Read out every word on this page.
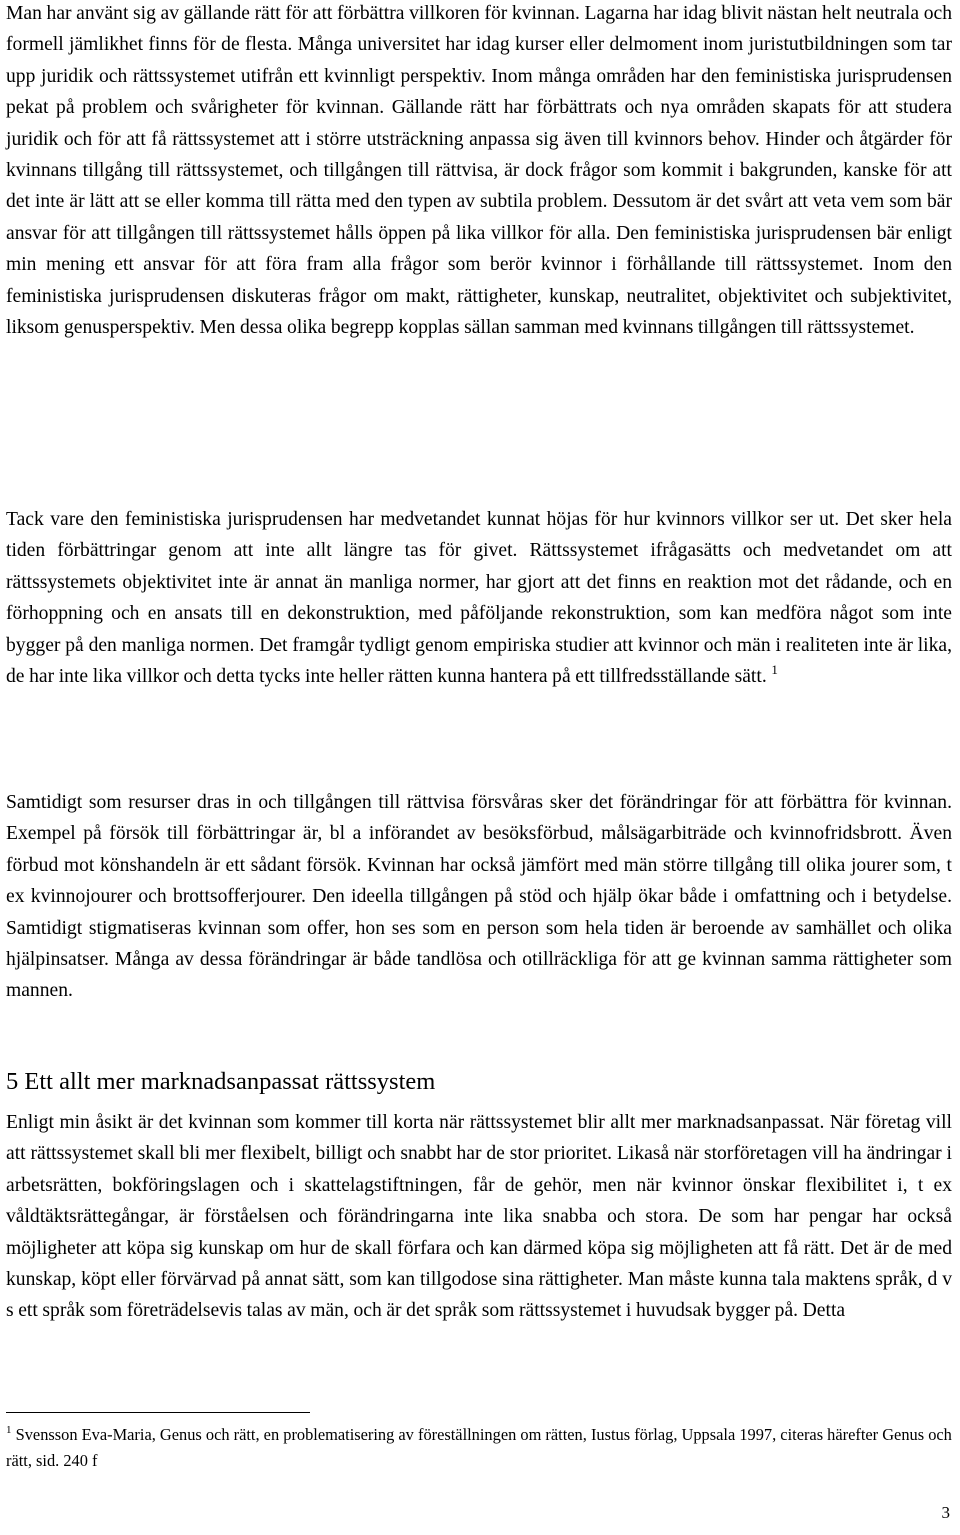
Man har använt sig av gällande rätt för att förbättra villkoren för kvinnan. Lagarna har idag blivit nästan helt neutrala och formell jämlikhet finns för de flesta. Många universitet har idag kurser eller delmoment inom juristutbildningen som tar upp juridik och rättssystemet utifrån ett kvinnligt perspektiv. Inom många områden har den feministiska jurisprudensen pekat på problem och svårigheter för kvinnan. Gällande rätt har förbättrats och nya områden skapats för att studera juridik och för att få rättssystemet att i större utsträckning anpassa sig även till kvinnors behov. Hinder och åtgärder för kvinnans tillgång till rättssystemet, och tillgången till rättvisa, är dock frågor som kommit i bakgrunden, kanske för att det inte är lätt att se eller komma till rätta med den typen av subtila problem. Dessutom är det svårt att veta vem som bär ansvar för att tillgången till rättssystemet hålls öppen på lika villkor för alla. Den feministiska jurisprudensen bär enligt min mening ett ansvar för att föra fram alla frågor som berör kvinnor i förhållande till rättssystemet. Inom den feministiska jurisprudensen diskuteras frågor om makt, rättigheter, kunskap, neutralitet, objektivitet och subjektivitet, liksom genusperspektiv. Men dessa olika begrepp kopplas sällan samman med kvinnans tillgången till rättssystemet.

Tack vare den feministiska jurisprudensen har medvetandet kunnat höjas för hur kvinnors villkor ser ut. Det sker hela tiden förbättringar genom att inte allt längre tas för givet. Rättssystemet ifrågasätts och medvetandet om att rättssystemets objektivitet inte är annat än manliga normer, har gjort att det finns en reaktion mot det rådande, och en förhoppning och en ansats till en dekonstruktion, med påföljande rekonstruktion, som kan medföra något som inte bygger på den manliga normen. Det framgår tydligt genom empiriska studier att kvinnor och män i realiteten inte är lika, de har inte lika villkor och detta tycks inte heller rätten kunna hantera på ett tillfredsställande sätt. $^1$

Samtidigt som resurser dras in och tillgången till rättvisa försvåras sker det förändringar för att förbättra för kvinnan. Exempel på försök till förbättringar är, bl a införandet av besöksförbud, målsägarbiträde och kvinnofridsbrott. Även förbud mot könshandeln är ett sådant försök. Kvinnan har också jämfört med män större tillgång till olika jourer som, t ex kvinnojourer och brottsofferjourer. Den ideella tillgången på stöd och hjälp ökar både i omfattning och i betydelse. Samtidigt stigmatiseras kvinnan som offer, hon ses som en person som hela tiden är beroende av samhället och olika hjälpinsatser. Många av dessa förändringar är både tandlösa och otillräckliga för att ge kvinnan samma rättigheter som mannen.

5 Ett allt mer marknadsanpassat rättssystem

Enligt min åsikt är det kvinnan som kommer till korta när rättssystemet blir allt mer marknadsanpassat. När företag vill att rättssystemet skall bli mer flexibelt, billigt och snabbt har de stor prioritet. Likaså när storföretagen vill ha ändringar i arbetsrätten, bokföringslagen och i skattelagstiftningen, får de gehör, men när kvinnor önskar flexibilitet i, t ex våldtäktsrättegångar, är förståelsen och förändringarna inte lika snabba och stora. De som har pengar har också möjligheter att köpa sig kunskap om hur de skall förfara och kan därmed köpa sig möjligheten att få rätt. Det är de med kunskap, köpt eller förvärvad på annat sätt, som kan tillgodose sina rättigheter. Man måste kunna tala maktens språk, d v s ett språk som företrädelsevis talas av män, och är det språk som rättssystemet i huvudsak bygger på. Detta

$^1$ Svensson Eva-Maria, Genus och rätt, en problematisering av föreställningen om rätten, Iustus förlag, Uppsala 1997, citeras härefter Genus och rätt, sid. 240 f

3
